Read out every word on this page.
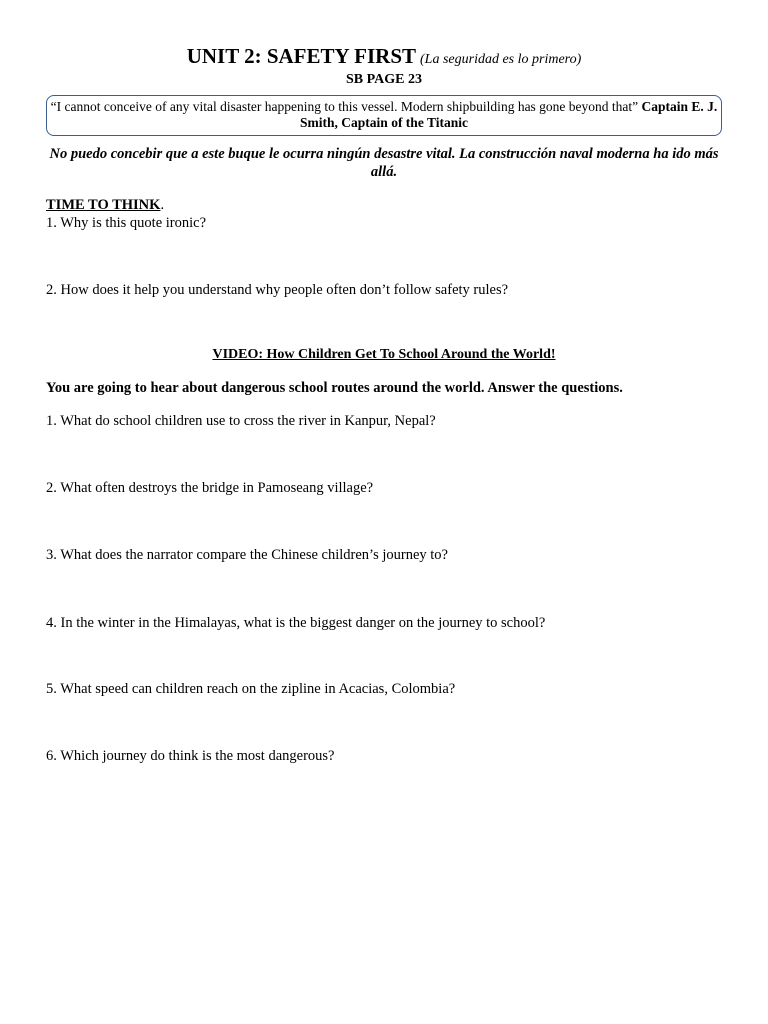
UNIT 2: SAFETY FIRST (La seguridad es lo primero)
SB PAGE 23
“I cannot conceive of any vital disaster happening to this vessel. Modern shipbuilding has gone beyond that” Captain E. J. Smith, Captain of the Titanic
No puedo concebir que a este buque le ocurra ningún desastre vital. La construcción naval moderna ha ido más allá.
TIME TO THINK.
1. Why is this quote ironic?
2. How does it help you understand why people often don’t follow safety rules?
VIDEO: How Children Get To School Around the World!
You are going to hear about dangerous school routes around the world. Answer the questions.
1. What do school children use to cross the river in Kanpur, Nepal?
2. What often destroys the bridge in Pamoseang village?
3. What does the narrator compare the Chinese children’s journey to?
4. In the winter in the Himalayas, what is the biggest danger on the journey to school?
5. What speed can children reach on the zipline in Acacias, Colombia?
6. Which journey do think is the most dangerous?
